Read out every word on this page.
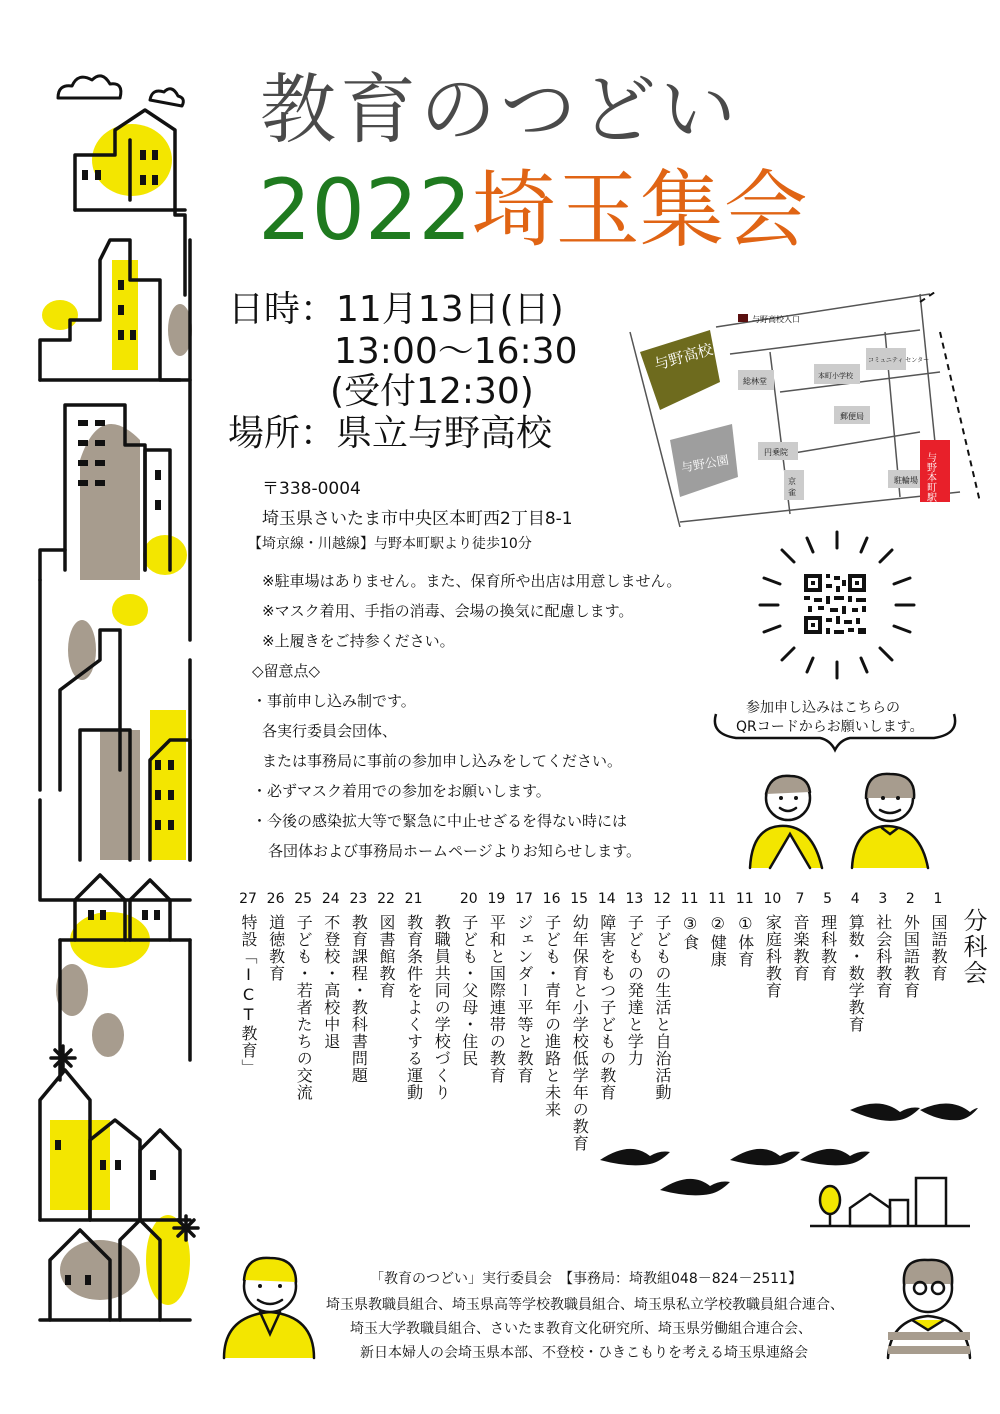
教育のつどい
2022埼玉集会
日時：11月13日(日)
13:00～16:30
(受付12:30)
場所：県立与野高校
〒338-0004
埼玉県さいたま市中央区本町西2丁目8-1
【埼京線・川越線】与野本町駅より徒歩10分
※駐車場はありません。また、保育所や出店は用意しません。
※マスク着用、手指の消毒、会場の換気に配慮します。
※上履きをご持参ください。
◇留意点◇
・事前申し込み制です。
各実行委員会団体、
または事務局に事前の参加申し込みをしてください。
・必ずマスク着用での参加をお願いします。
・今後の感染拡大等で緊急に中止せざるを得ない時には
各団体および事務局ホームページよりお知らせします。
与野高校
与野公園
与野高校入口
総林堂
本町小学校
コミュニティ センター
郵便局
円乗院
京
雀
駐輪場 与野本町駅
参加申し込みはこちらの
QRコードからお願いします。
分科会
1
国語教育
2
外国語教育
3
社会科教育
4
算数・数学教育
5
理科教育
7
音楽教育
10
家庭科教育
11
①体育
11
②健康
11
③食
12
子どもの生活と自治活動
13
子どもの発達と学力
14
障害をもつ子どもの教育
15
幼年保育と小学校低学年の教育
16
子ども・青年の進路と未来
17
ジェンダー平等と教育
19
平和と国際連帯の教育
20
子ども・父母・住民
教職員共同の学校づくり
21
教育条件をよくする運動
22
図書館教育
23
教育課程・教科書問題
24
不登校・高校中退
25
子ども・若者たちの交流
26
道徳教育
27
特設「ICT教育」
「教育のつどい」実行委員会　【事務局：埼教組048－824－2511】
埼玉県教職員組合、埼玉県高等学校教職員組合、埼玉県私立学校教職員組合連合、
埼玉大学教職員組合、さいたま教育文化研究所、埼玉県労働組合連合会、
新日本婦人の会埼玉県本部、不登校・ひきこもりを考える埼玉県連絡会
